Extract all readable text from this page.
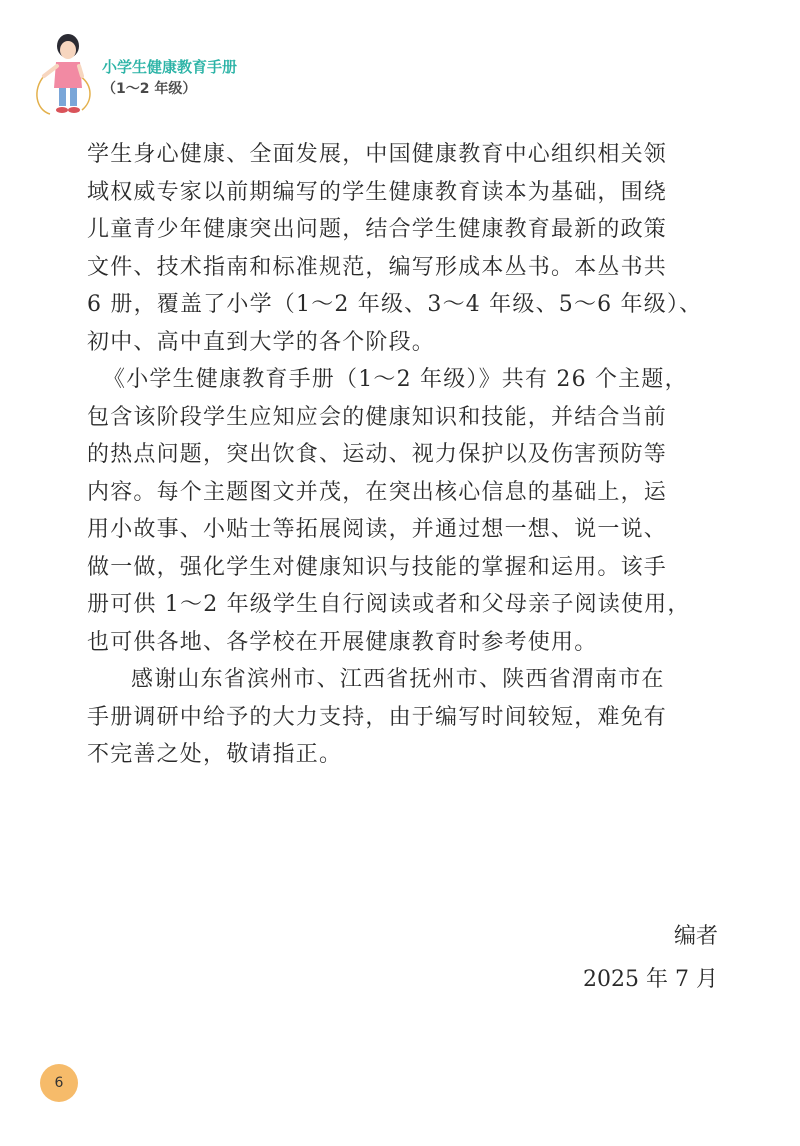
小学生健康教育手册
（1～2 年级）
学生身心健康、全面发展，中国健康教育中心组织相关领
域权威专家以前期编写的学生健康教育读本为基础，围绕
儿童青少年健康突出问题，结合学生健康教育最新的政策
文件、技术指南和标准规范，编写形成本丛书。本丛书共
6 册，覆盖了小学（1～2 年级、3～4 年级、5～6 年级）、
初中、高中直到大学的各个阶段。
《小学生健康教育手册（1～2 年级）》共有 26 个主题，
包含该阶段学生应知应会的健康知识和技能，并结合当前
的热点问题，突出饮食、运动、视力保护以及伤害预防等
内容。每个主题图文并茂，在突出核心信息的基础上，运
用小故事、小贴士等拓展阅读，并通过想一想、说一说、
做一做，强化学生对健康知识与技能的掌握和运用。该手
册可供 1～2 年级学生自行阅读或者和父母亲子阅读使用，
也可供各地、各学校在开展健康教育时参考使用。
感谢山东省滨州市、江西省抚州市、陕西省渭南市在
手册调研中给予的大力支持，由于编写时间较短，难免有
不完善之处，敬请指正。
编者
2025 年 7 月
6
